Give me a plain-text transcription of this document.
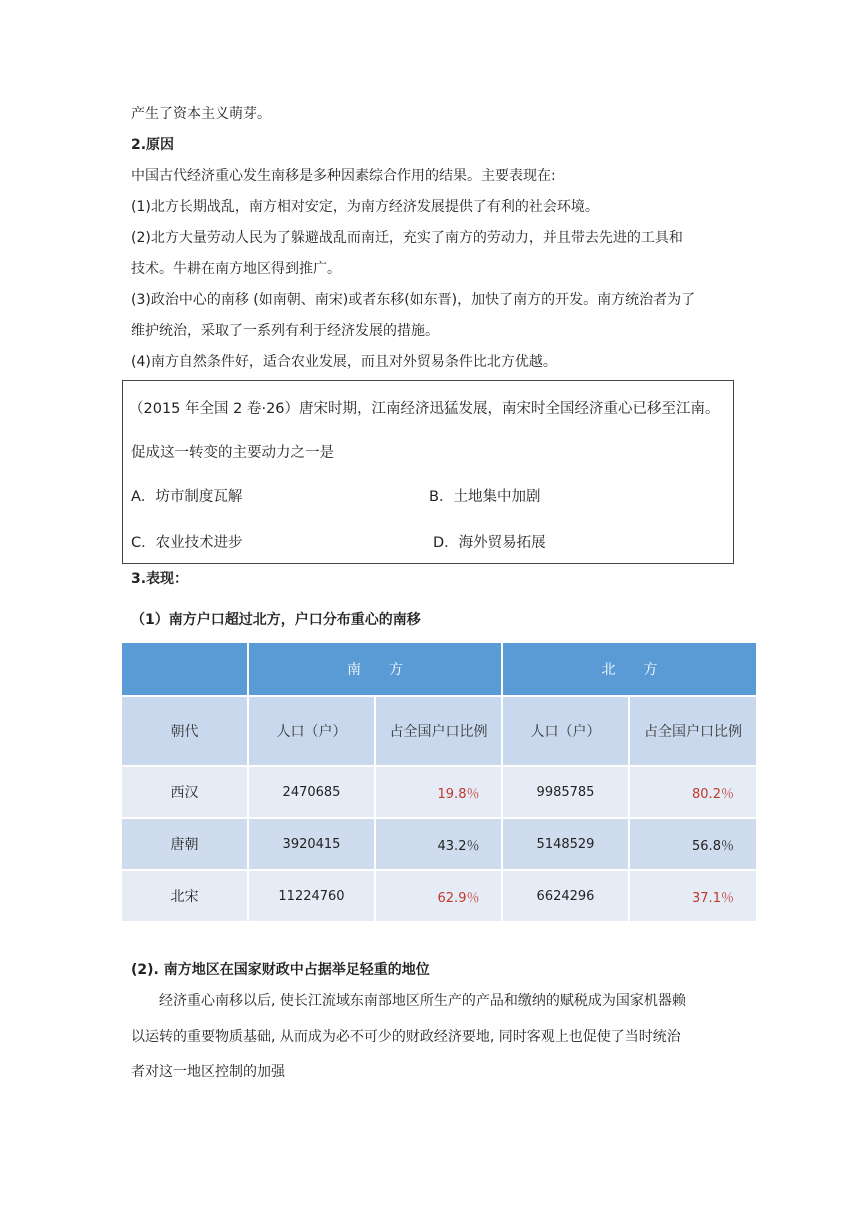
产生了资本主义萌芽。
2.原因
中国古代经济重心发生南移是多种因素综合作用的结果。主要表现在:
(1)北方长期战乱，南方相对安定，为南方经济发展提供了有利的社会环境。
(2)北方大量劳动人民为了躲避战乱而南迁，充实了南方的劳动力，并且带去先进的工具和
技术。牛耕在南方地区得到推广。
(3)政治中心的南移 (如南朝、南宋)或者东移(如东晋)，加快了南方的开发。南方统治者为了
维护统治，采取了一系列有利于经济发展的措施。
(4)南方自然条件好，适合农业发展，而且对外贸易条件比北方优越。
（2015 年全国 2 卷·26）唐宋时期，江南经济迅猛发展，南宋时全国经济重心已移至江南。
促成这一转变的主要动力之一是
A．坊市制度瓦解	B．土地集中加剧
C．农业技术进步	D．海外贸易拓展
3.表现：
（1）南方户口超过北方，户口分布重心的南移
	南　　方		北　　方	
朝代	人口（户）	占全国户口比例	人口（户）	占全国户口比例
西汉	2470685	19.8％	9985785	80.2％
唐朝	3920415	43.2％	5148529	56.8％
北宋	11224760	62.9％	6624296	37.1％
(2). 南方地区在国家财政中占据举足轻重的地位
经济重心南移以后, 使长江流域东南部地区所生产的产品和缴纳的赋税成为国家机器赖
以运转的重要物质基础, 从而成为必不可少的财政经济要地, 同时客观上也促使了当时统治
者对这一地区控制的加强
